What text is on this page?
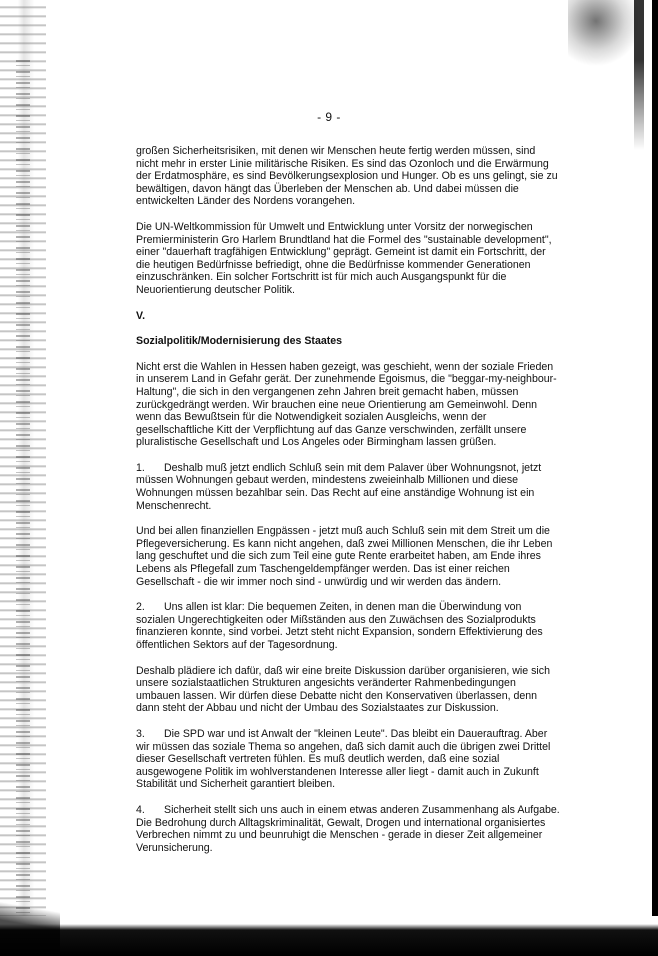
- 9 -

großen Sicherheitsrisiken, mit denen wir Menschen heute fertig werden müssen, sind nicht mehr in erster Linie militärische Risiken. Es sind das Ozonloch und die Erwärmung der Erdatmosphäre, es sind Bevölkerungsexplosion und Hunger. Ob es uns gelingt, sie zu bewältigen, davon hängt das Überleben der Menschen ab. Und dabei müssen die entwickelten Länder des Nordens vorangehen.

Die UN-Weltkommission für Umwelt und Entwicklung unter Vorsitz der norwegischen Premierministerin Gro Harlem Brundtland hat die Formel des "sustainable development", einer "dauerhaft tragfähigen Entwicklung" geprägt. Gemeint ist damit ein Fortschritt, der die heutigen Bedürfnisse befriedigt, ohne die Bedürfnisse kommender Generationen einzuschränken. Ein solcher Fortschritt ist für mich auch Ausgangspunkt für die Neuorientierung deutscher Politik.

V.

Sozialpolitik/Modernisierung des Staates

Nicht erst die Wahlen in Hessen haben gezeigt, was geschieht, wenn der soziale Frieden in unserem Land in Gefahr gerät. Der zunehmende Egoismus, die "beggar-my-neighbour-Haltung", die sich in den vergangenen zehn Jahren breit gemacht haben, müssen zurückgedrängt werden. Wir brauchen eine neue Orientierung am Gemeinwohl. Denn wenn das Bewußtsein für die Notwendigkeit sozialen Ausgleichs, wenn der gesellschaftliche Kitt der Verpflichtung auf das Ganze verschwinden, zerfällt unsere pluralistische Gesellschaft und Los Angeles oder Birmingham lassen grüßen.

1. Deshalb muß jetzt endlich Schluß sein mit dem Palaver über Wohnungsnot, jetzt müssen Wohnungen gebaut werden, mindestens zweieinhalb Millionen und diese Wohnungen müssen bezahlbar sein. Das Recht auf eine anständige Wohnung ist ein Menschenrecht.

Und bei allen finanziellen Engpässen - jetzt muß auch Schluß sein mit dem Streit um die Pflegeversicherung. Es kann nicht angehen, daß zwei Millionen Menschen, die ihr Leben lang geschuftet und die sich zum Teil eine gute Rente erarbeitet haben, am Ende ihres Lebens als Pflegefall zum Taschengeldempfänger werden. Das ist einer reichen Gesellschaft - die wir immer noch sind - unwürdig und wir werden das ändern.

2. Uns allen ist klar: Die bequemen Zeiten, in denen man die Überwindung von sozialen Ungerechtigkeiten oder Mißständen aus den Zuwächsen des Sozialprodukts finanzieren konnte, sind vorbei. Jetzt steht nicht Expansion, sondern Effektivierung des öffentlichen Sektors auf der Tagesordnung.

Deshalb plädiere ich dafür, daß wir eine breite Diskussion darüber organisieren, wie sich unsere sozialstaatlichen Strukturen angesichts veränderter Rahmenbedingungen umbauen lassen. Wir dürfen diese Debatte nicht den Konservativen überlassen, denn dann steht der Abbau und nicht der Umbau des Sozialstaates zur Diskussion.

3. Die SPD war und ist Anwalt der "kleinen Leute". Das bleibt ein Dauerauftrag. Aber wir müssen das soziale Thema so angehen, daß sich damit auch die übrigen zwei Drittel dieser Gesellschaft vertreten fühlen. Es muß deutlich werden, daß eine sozial ausgewogene Politik im wohlverstandenen Interesse aller liegt - damit auch in Zukunft Stabilität und Sicherheit garantiert bleiben.

4. Sicherheit stellt sich uns auch in einem etwas anderen Zusammenhang als Aufgabe. Die Bedrohung durch Alltagskriminalität, Gewalt, Drogen und international organisiertes Verbrechen nimmt zu und beunruhigt die Menschen - gerade in dieser Zeit allgemeiner Verunsicherung.
